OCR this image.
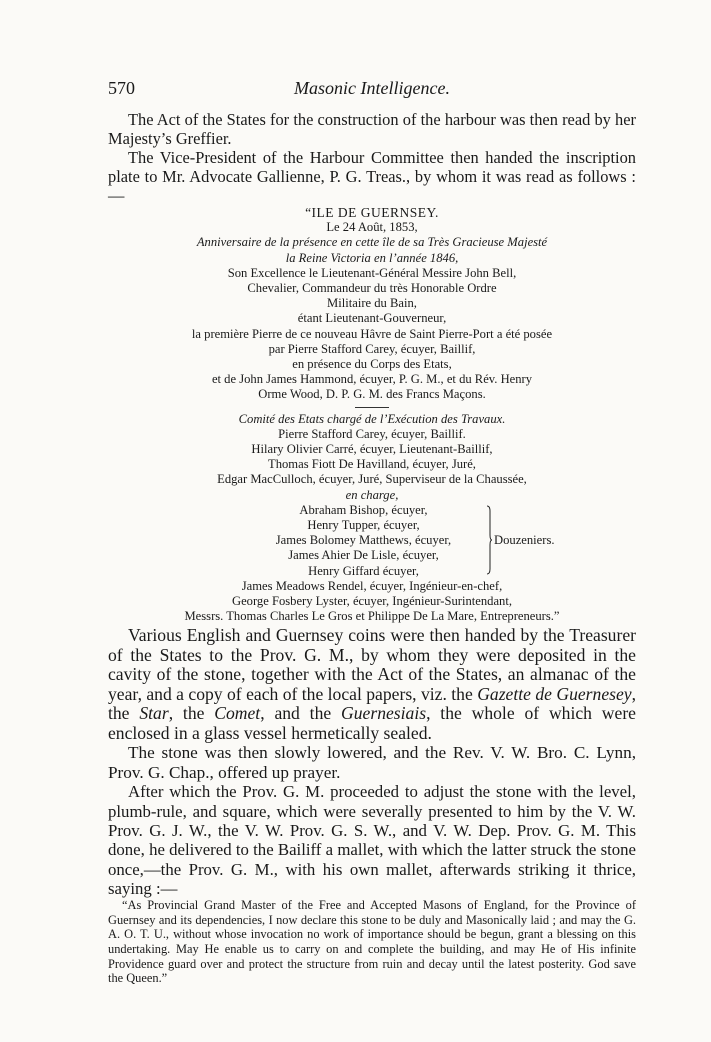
570	Masonic Intelligence.

The Act of the States for the construction of the harbour was then read by her Majesty’s Greffier.

The Vice-President of the Harbour Committee then handed the inscription plate to Mr. Advocate Gallienne, P. G. Treas., by whom it was read as follows :—

“ILE DE GUERNSEY.
Le 24 Août, 1853,
Anniversaire de la présence en cette île de sa Très Gracieuse Majesté
la Reine Victoria en l’année 1846,
Son Excellence le Lieutenant-Général Messire John Bell,
Chevalier, Commandeur du très Honorable Ordre
Militaire du Bain,
étant Lieutenant-Gouverneur,
la première Pierre de ce nouveau Hâvre de Saint Pierre-Port a été posée
par Pierre Stafford Carey, écuyer, Baillif,
en présence du Corps des Etats,
et de John James Hammond, écuyer, P. G. M., et du Rév. Henry
Orme Wood, D. P. G. M. des Francs Maçons.
Comité des Etats chargé de l’Exécution des Travaux.
Pierre Stafford Carey, écuyer, Baillif.
Hilary Olivier Carré, écuyer, Lieutenant-Baillif,
Thomas Fiott De Havilland, écuyer, Juré,
Edgar MacCulloch, écuyer, Juré, Superviseur de la Chaussée,
en charge,
Abraham Bishop, écuyer,
Henry Tupper, écuyer,
James Bolomey Matthews, écuyer,
James Ahier De Lisle, écuyer,
Henry Giffard écuyer,
Douzeniers.
James Meadows Rendel, écuyer, Ingénieur-en-chef,
George Fosbery Lyster, écuyer, Ingénieur-Surintendant,
Messrs. Thomas Charles Le Gros et Philippe De La Mare, Entrepreneurs.”

Various English and Guernsey coins were then handed by the Treasurer of the States to the Prov. G. M., by whom they were deposited in the cavity of the stone, together with the Act of the States, an almanac of the year, and a copy of each of the local papers, viz. the Gazette de Guernesey, the Star, the Comet, and the Guernesiais, the whole of which were enclosed in a glass vessel hermetically sealed.

The stone was then slowly lowered, and the Rev. V. W. Bro. C. Lynn, Prov. G. Chap., offered up prayer.

After which the Prov. G. M. proceeded to adjust the stone with the level, plumb-rule, and square, which were severally presented to him by the V. W. Prov. G. J. W., the V. W. Prov. G. S. W., and V. W. Dep. Prov. G. M. This done, he delivered to the Bailiff a mallet, with which the latter struck the stone once,—the Prov. G. M., with his own mallet, afterwards striking it thrice, saying :—

“As Provincial Grand Master of the Free and Accepted Masons of England, for the Province of Guernsey and its dependencies, I now declare this stone to be duly and Masonically laid ; and may the G. A. O. T. U., without whose invocation no work of importance should be begun, grant a blessing on this undertaking. May He enable us to carry on and complete the building, and may He of His infinite Providence guard over and protect the structure from ruin and decay until the latest posterity. God save the Queen.”
